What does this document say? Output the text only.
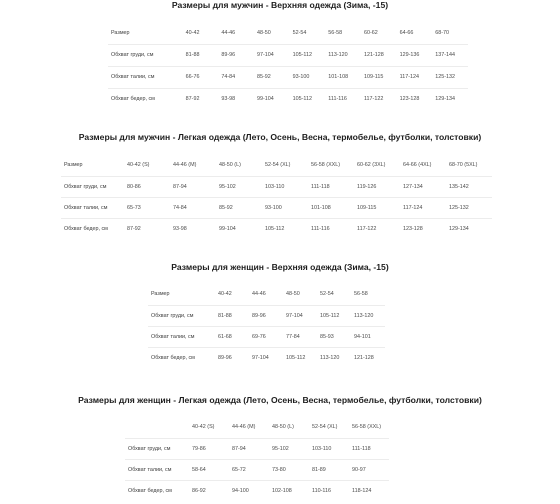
Размеры для мужчин - Верхняя одежда (Зима, -15)
Размер	40-42	44-46	48-50	52-54	56-58	60-62	64-66	68-70
Обхват груди, см	81-88	89-96	97-104	105-112	113-120	121-128	129-136	137-144
Обхват талии, см	66-76	74-84	85-92	93-100	101-108	109-115	117-124	125-132
Обхват бедер, см	87-92	93-98	99-104	105-112	111-116	117-122	123-128	129-134
Размеры для мужчин - Легкая одежда (Лето, Осень, Весна, термобелье, футболки, толстовки)
Размер	40-42 (S)	44-46 (M)	48-50 (L)	52-54 (XL)	56-58 (XXL)	60-62 (3XL)	64-66 (4XL)	68-70 (5XL)
Обхват груди, см	80-86	87-94	95-102	103-110	111-118	119-126	127-134	135-142
Обхват талии, см	65-73	74-84	85-92	93-100	101-108	109-115	117-124	125-132
Обхват бедер, см	87-92	93-98	99-104	105-112	111-116	117-122	123-128	129-134
Размеры для женщин - Верхняя одежда (Зима, -15)
Размер	40-42	44-46	48-50	52-54	56-58
Обхват груди, см	81-88	89-96	97-104	105-112	113-120
Обхват талии, см	61-68	69-76	77-84	85-93	94-101
Обхват бедер, см	89-96	97-104	105-112	113-120	121-128
Размеры для женщин - Легкая одежда (Лето, Осень, Весна, термобелье, футболки, толстовки)
	40-42 (S)	44-46 (M)	48-50 (L)	52-54 (XL)	56-58 (XXL)
Обхват груди, см	79-86	87-94	95-102	103-110	111-118
Обхват талии, см	58-64	65-72	73-80	81-89	90-97
Обхват бедер, см	86-92	94-100	102-108	110-116	118-124
